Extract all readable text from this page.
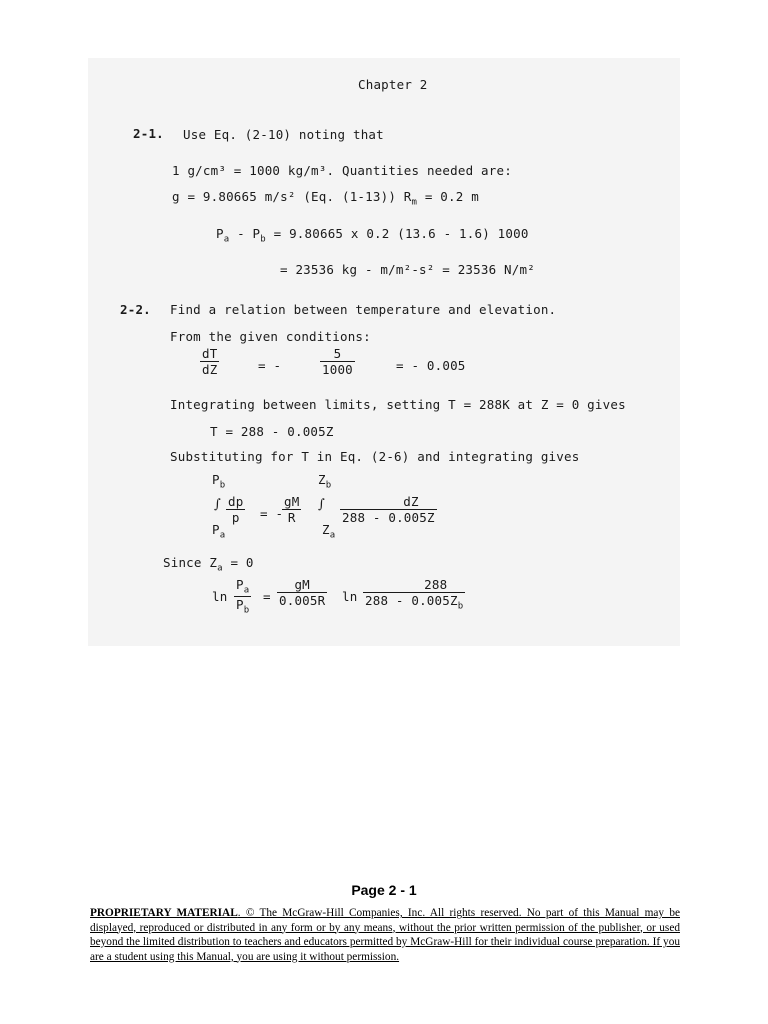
Chapter 2
2-1. Use Eq. (2-10) noting that
1 g/cm³ = 1000 kg/m³. Quantities needed are:
g = 9.80665 m/s² (Eq. (1-13)) $R_m = 0.2$ m
$P_a - P_b = 9.80665$ x 0.2 (13.6 - 1.6) 1000
= 23536 kg - m/m²-s² = 23536 N/m²
2-2. Find a relation between temperature and elevation.
From the given conditions:
$\frac{dT}{dZ}$	= -	$\frac{5}{1000}$	= - 0.005
Integrating between limits, setting T = 288K at Z = 0 gives
T = 288 - 0.005Z
Substituting for T in Eq. (2-6) and integrating gives
$P_b$	$Z_b$
∫ $\frac{dp}{p}$ = -
$\frac{gM}{R}$ ∫ $\frac{dZ}{288 - 0.005Z}$
$P_a$	$Z_a$
Since $Z_a = 0$
$\ln \frac{P_a}{P_b} = \frac{gM}{0.005R}$ $\ln \frac{288}{288 - 0.005Z_b}$
Page 2 - 1
PROPRIETARY MATERIAL. © The McGraw-Hill Companies, Inc. All rights reserved. No part of this Manual may be displayed, reproduced or distributed in any form or by any means, without the prior written permission of the publisher, or used beyond the limited distribution to teachers and educators permitted by McGraw-Hill for their individual course preparation. If you are a student using this Manual, you are using it without permission.
